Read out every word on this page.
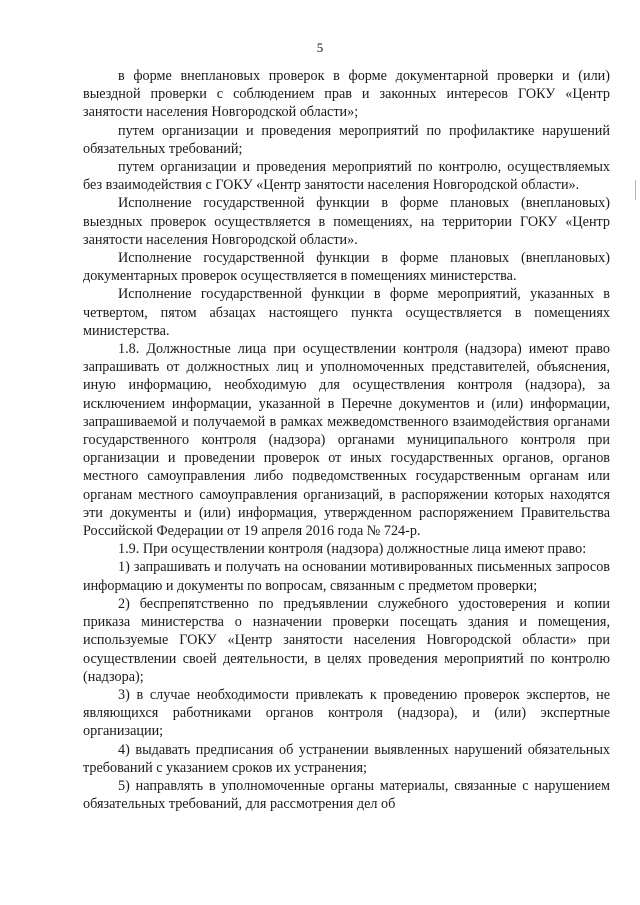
5

в форме внеплановых проверок в форме документарной проверки и (или) выездной проверки с соблюдением прав и законных интересов ГОКУ «Центр занятости населения Новгородской области»;

путем организации и проведения мероприятий по профилактике нарушений обязательных требований;

путем организации и проведения мероприятий по контролю, осуществляемых без взаимодействия с ГОКУ «Центр занятости населения Новгородской области».

Исполнение государственной функции в форме плановых (внеплановых) выездных проверок осуществляется в помещениях, на территории ГОКУ «Центр занятости населения Новгородской области».

Исполнение государственной функции в форме плановых (внеплановых) документарных проверок осуществляется в помещениях министерства.

Исполнение государственной функции в форме мероприятий, указанных в четвертом, пятом абзацах настоящего пункта осуществляется в помещениях министерства.

1.8. Должностные лица при осуществлении контроля (надзора) имеют право запрашивать от должностных лиц и уполномоченных представителей, объяснения, иную информацию, необходимую для осуществления контроля (надзора), за исключением информации, указанной в Перечне документов и (или) информации, запрашиваемой и получаемой в рамках межведомственного взаимодействия органами государственного контроля (надзора) органами муниципального контроля при организации и проведении проверок от иных государственных органов, органов местного самоуправления либо подведомственных государственным органам или органам местного самоуправления организаций, в распоряжении которых находятся эти документы и (или) информация, утвержденном распоряжением Правительства Российской Федерации от 19 апреля 2016 года № 724-р.

1.9. При осуществлении контроля (надзора) должностные лица имеют право:

1) запрашивать и получать на основании мотивированных письменных запросов информацию и документы по вопросам, связанным с предметом проверки;

2) беспрепятственно по предъявлении служебного удостоверения и копии приказа министерства о назначении проверки посещать здания и помещения, используемые ГОКУ «Центр занятости населения Новгородской области» при осуществлении своей деятельности, в целях проведения мероприятий по контролю (надзора);

3) в случае необходимости привлекать к проведению проверок экспертов, не являющихся работниками органов контроля (надзора), и (или) экспертные организации;

4) выдавать предписания об устранении выявленных нарушений обязательных требований с указанием сроков их устранения;

5) направлять в уполномоченные органы материалы, связанные с нарушением обязательных требований, для рассмотрения дел об
